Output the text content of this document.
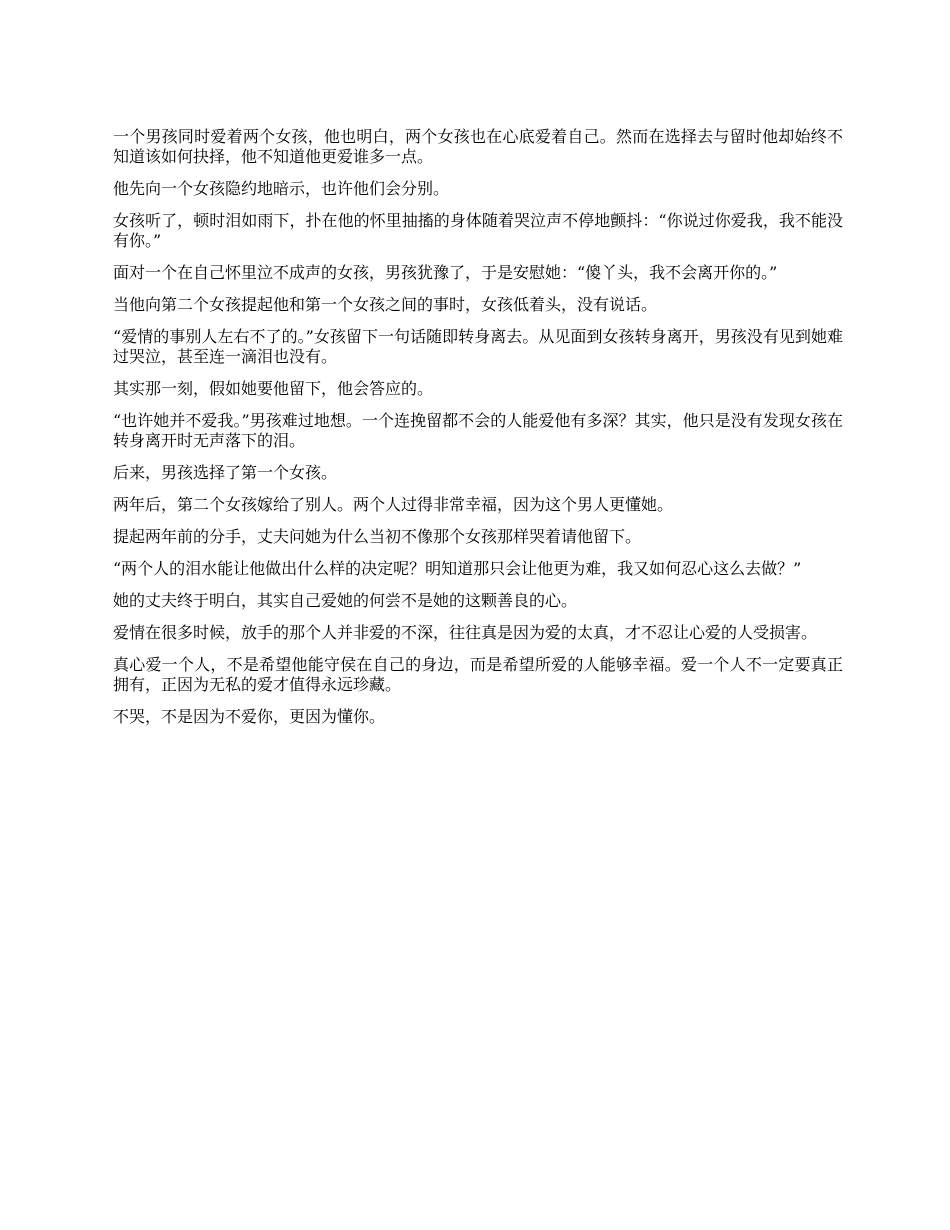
一个男孩同时爱着两个女孩，他也明白，两个女孩也在心底爱着自己。然而在选择去与留时他却始终不知道该如何抉择，他不知道他更爱谁多一点。

他先向一个女孩隐约地暗示，也许他们会分别。

女孩听了，顿时泪如雨下，扑在他的怀里抽搐的身体随着哭泣声不停地颤抖：“你说过你爱我，我不能没有你。”

面对一个在自己怀里泣不成声的女孩，男孩犹豫了，于是安慰她：“傻丫头，我不会离开你的。”

当他向第二个女孩提起他和第一个女孩之间的事时，女孩低着头，没有说话。

“爱情的事别人左右不了的。”女孩留下一句话随即转身离去。从见面到女孩转身离开，男孩没有见到她难过哭泣，甚至连一滴泪也没有。

其实那一刻，假如她要他留下，他会答应的。

“也许她并不爱我。”男孩难过地想。一个连挽留都不会的人能爱他有多深？其实，他只是没有发现女孩在转身离开时无声落下的泪。

后来，男孩选择了第一个女孩。

两年后，第二个女孩嫁给了别人。两个人过得非常幸福，因为这个男人更懂她。

提起两年前的分手，丈夫问她为什么当初不像那个女孩那样哭着请他留下。

“两个人的泪水能让他做出什么样的决定呢？明知道那只会让他更为难，我又如何忍心这么去做？”

她的丈夫终于明白，其实自己爱她的何尝不是她的这颗善良的心。

爱情在很多时候，放手的那个人并非爱的不深，往往真是因为爱的太真，才不忍让心爱的人受损害。

真心爱一个人，不是希望他能守侯在自己的身边，而是希望所爱的人能够幸福。爱一个人不一定要真正拥有，正因为无私的爱才值得永远珍藏。

不哭，不是因为不爱你，更因为懂你。
